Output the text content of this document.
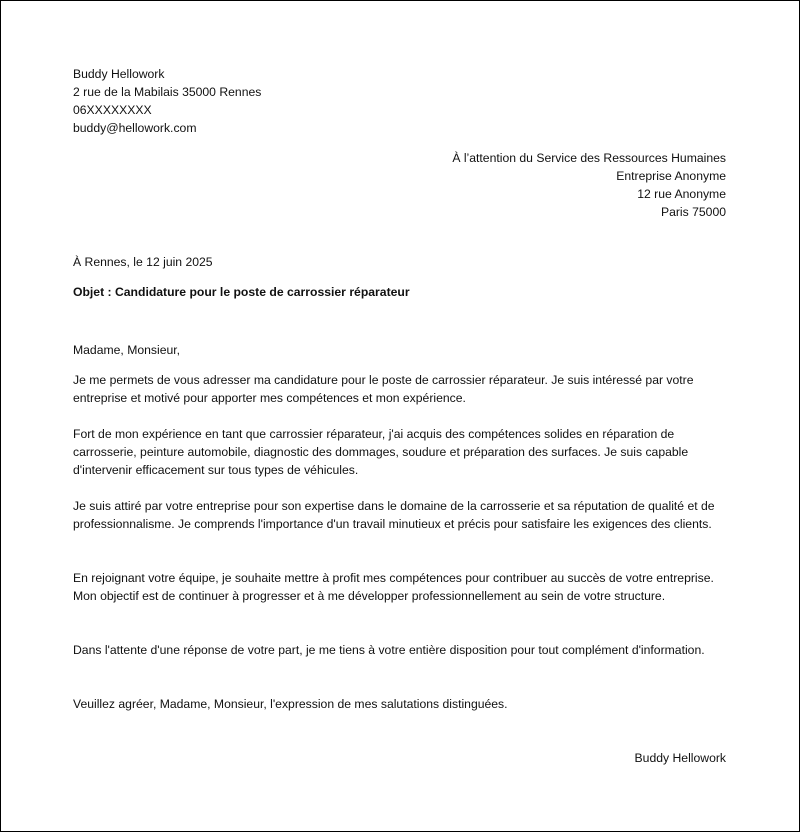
Buddy Hellowork

2 rue de la Mabilais 35000 Rennes

06XXXXXXXX

buddy@hellowork.com

À l’attention du Service des Ressources Humaines

Entreprise Anonyme

12 rue Anonyme

Paris 75000

À Rennes, le 12 juin 2025

Objet : Candidature pour le poste de carrossier réparateur

Madame, Monsieur,

Je me permets de vous adresser ma candidature pour le poste de carrossier réparateur. Je suis intéressé par votre entreprise et motivé pour apporter mes compétences et mon expérience.

Fort de mon expérience en tant que carrossier réparateur, j'ai acquis des compétences solides en réparation de carrosserie, peinture automobile, diagnostic des dommages, soudure et préparation des surfaces. Je suis capable d'intervenir efficacement sur tous types de véhicules.

Je suis attiré par votre entreprise pour son expertise dans le domaine de la carrosserie et sa réputation de qualité et de professionnalisme. Je comprends l'importance d'un travail minutieux et précis pour satisfaire les exigences des clients.

En rejoignant votre équipe, je souhaite mettre à profit mes compétences pour contribuer au succès de votre entreprise. Mon objectif est de continuer à progresser et à me développer professionnellement au sein de votre structure.

Dans l'attente d'une réponse de votre part, je me tiens à votre entière disposition pour tout complément d'information.

Veuillez agréer, Madame, Monsieur, l'expression de mes salutations distinguées.

Buddy Hellowork
